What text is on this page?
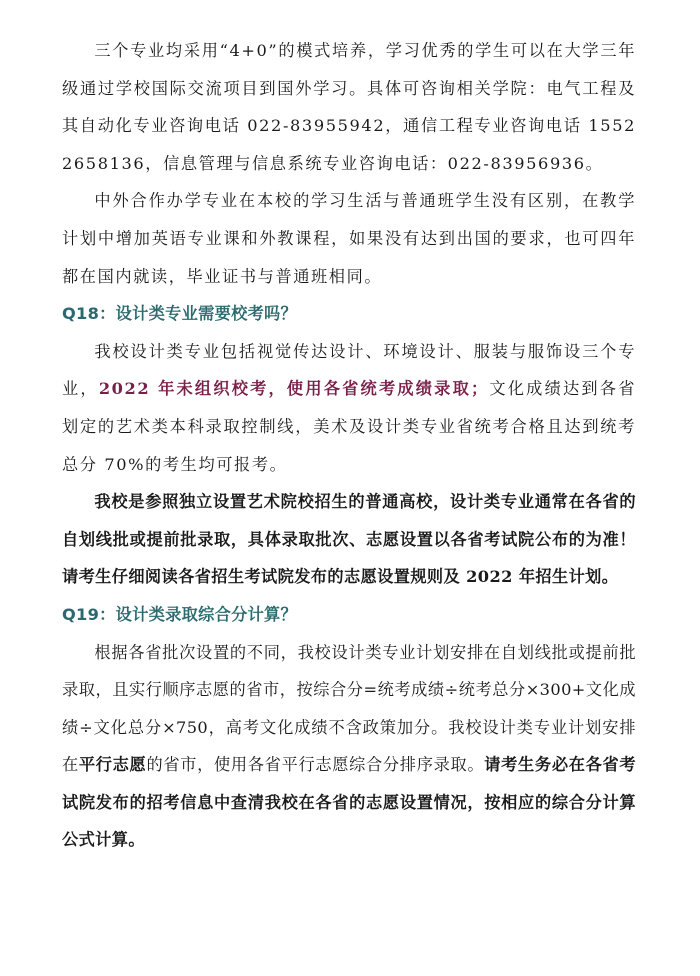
三个专业均采用“4+0”的模式培养，学习优秀的学生可以在大学三年级通过学校国际交流项目到国外学习。具体可咨询相关学院：电气工程及其自动化专业咨询电话 022-83955942，通信工程专业咨询电话 15522658136，信息管理与信息系统专业咨询电话：022-83956936。

中外合作办学专业在本校的学习生活与普通班学生没有区别，在教学计划中增加英语专业课和外教课程，如果没有达到出国的要求，也可四年都在国内就读，毕业证书与普通班相同。

Q18：设计类专业需要校考吗？

我校设计类专业包括视觉传达设计、环境设计、服装与服饰设三个专业，2022 年未组织校考，使用各省统考成绩录取；文化成绩达到各省划定的艺术类本科录取控制线，美术及设计类专业省统考合格且达到统考总分 70%的考生均可报考。

我校是参照独立设置艺术院校招生的普通高校，设计类专业通常在各省的自划线批或提前批录取，具体录取批次、志愿设置以各省考试院公布的为准！请考生仔细阅读各省招生考试院发布的志愿设置规则及 2022 年招生计划。

Q19：设计类录取综合分计算？

根据各省批次设置的不同，我校设计类专业计划安排在自划线批或提前批录取，且实行顺序志愿的省市，按综合分=统考成绩÷统考总分×300+文化成绩÷文化总分×750，高考文化成绩不含政策加分。我校设计类专业计划安排在平行志愿的省市，使用各省平行志愿综合分排序录取。请考生务必在各省考试院发布的招考信息中查清我校在各省的志愿设置情况，按相应的综合分计算公式计算。
